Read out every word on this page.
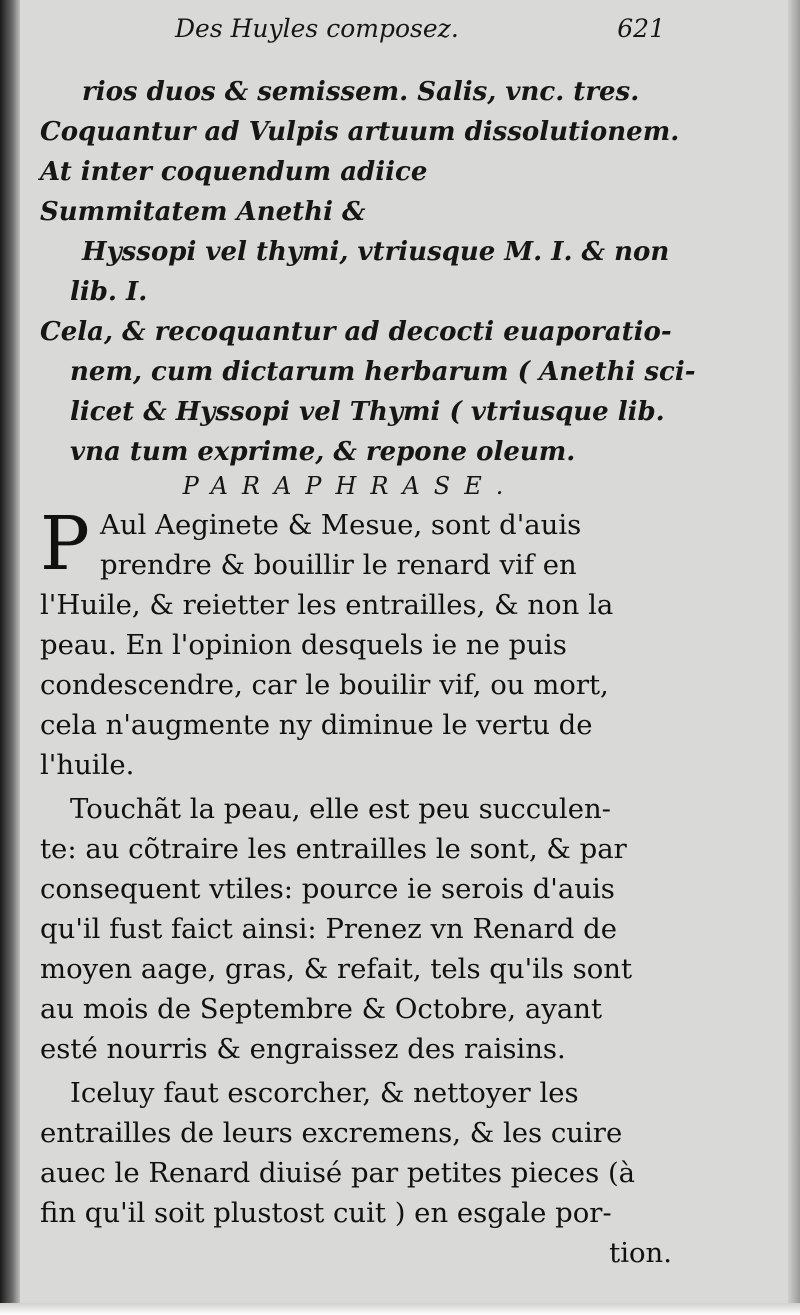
Des Huyles composez.	621
rios duos & semissem. Salis, vnc. tres.
Coquantur ad Vulpis artuum dissolutionem.
At inter coquendum adiice
Summitatem Anethi &
Hyssopi vel thymi, vtriusque M. I. & non
lib. I.
Cela, & recoquantur ad decocti euaporatio-
nem, cum dictarum herbarum ( Anethi sci-
licet & Hyssopi vel Thymi ( vtriusque lib.
vna tum exprime, & repone oleum.
PARAPHRASE.
P Aul Aeginete & Mesue, sont d'auis
prendre & bouillir le renard vif en
l'Huile, & reietter les entrailles, & non la
peau. En l'opinion desquels ie ne puis
condescendre, car le bouilir vif, ou mort,
cela n'augmente ny diminue le vertu de
l'huile.
Touchãt la peau, elle est peu succulen-
te: au cõtraire les entrailles le sont, & par
consequent vtiles: pource ie serois d'auis
qu'il fust faict ainsi: Prenez vn Renard de
moyen aage, gras, & refait, tels qu'ils sont
au mois de Septembre & Octobre, ayant
esté nourris & engraissez des raisins.
Iceluy faut escorcher, & nettoyer les
entrailles de leurs excremens, & les cuire
auec le Renard diuisé par petites pieces (à
fin qu'il soit plustost cuit ) en esgale por-
tion.
